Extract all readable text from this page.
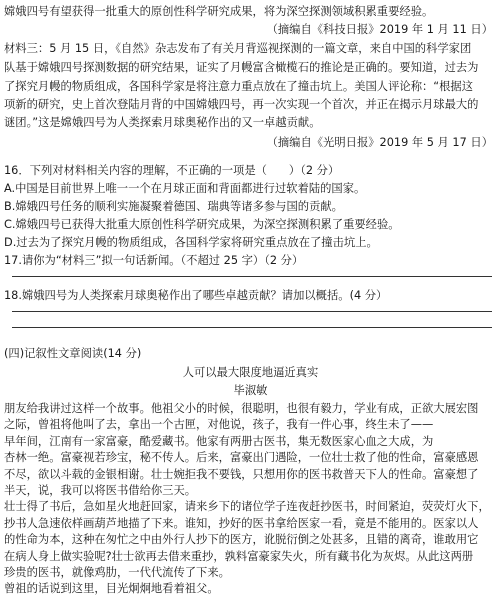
嫦娥四号有望获得一批重大的原创性科学研究成果，将为深空探测领域积累重要经验。
（摘编自《科技日报》2019 年 1 月 11 日）
材料三：5 月 15 日，《自然》杂志发布了有关月背巡视探测的一篇文章，来自中国的科学家团
队基于嫦娥四号探测数据的研究结果，证实了月幔富含橄榄石的推论是正确的。要知道，过去为
了探究月幔的物质组成，各国科学家是将注意力重点放在了撞击坑上。美国人评论称：“根据这
项新的研究，史上首次登陆月背的中国嫦娥四号，再一次实现一个首次，并正在揭示月球最大的
谜团。”这是嫦娥四号为人类探索月球奥秘作出的又一卓越贡献。
（摘编自《光明日报》2019 年 5 月 17 日）
16．下列对材料相关内容的理解，不正确的一项是（ ）（2 分）
A.中国是目前世界上唯一一个在月球正面和背面都进行过软着陆的国家。
B.嫦娥四号任务的顺利实施凝聚着德国、瑞典等诸多参与国的贡献。
C.嫦娥四号已获得大批重大原创性科学研究成果，为深空探测积累了重要经验。
D.过去为了探究月幔的物质组成，各国科学家将研究重点放在了撞击坑上。
17.请你为“材料三”拟一句话新闻。（不超过 25 字）（2 分）
18.嫦娥四号为人类探索月球奥秘作出了哪些卓越贡献？请加以概括。(4 分）
(四)记叙性文章阅读(14 分)
人可以最大限度地逼近真实
毕淑敏
朋友给我讲过这样一个故事。他祖父小的时候，很聪明，也很有毅力，学业有成，正欲大展宏图
之际，曾祖将他叫了去，拿出一个古匣，对他说，孩子，我有一件心事，终生未了——
早年间，江南有一家富豪，酷爱藏书。他家有两册古医书，集无数医家心血之大成，为
杏林一绝。富豪视若珍宝，秘不传人。后来，富豪出门遇险，一位壮士救了他的性命，富豪感恩
不尽，欲以斗载的金银相谢。壮士婉拒我不要钱，只想用你的医书救普天下人的性命。富豪想了
半天，说，我可以将医书借给你三天。
壮士得了书后，急如星火地赶回家，请来乡下的诸位学子连夜赶抄医书，时间紧迫，荧荧灯火下，
抄书人急速依样画葫芦地描了下来。谁知，抄好的医书拿给医家一看，竟是不能用的。医家以人
的性命为本，这种在匆忙之中由外行人抄下的医方，讹脱衍倒之处甚多，且错的离奇，谁敢用它
在病人身上做实验呢?壮士欲再去借来重抄，孰料富豪家失火，所有藏书化为灰烬。从此这两册
珍贵的医书，就像鸡肋，一代代流传了下来。
曾祖的话说到这里，目光炯炯地看着祖父。
